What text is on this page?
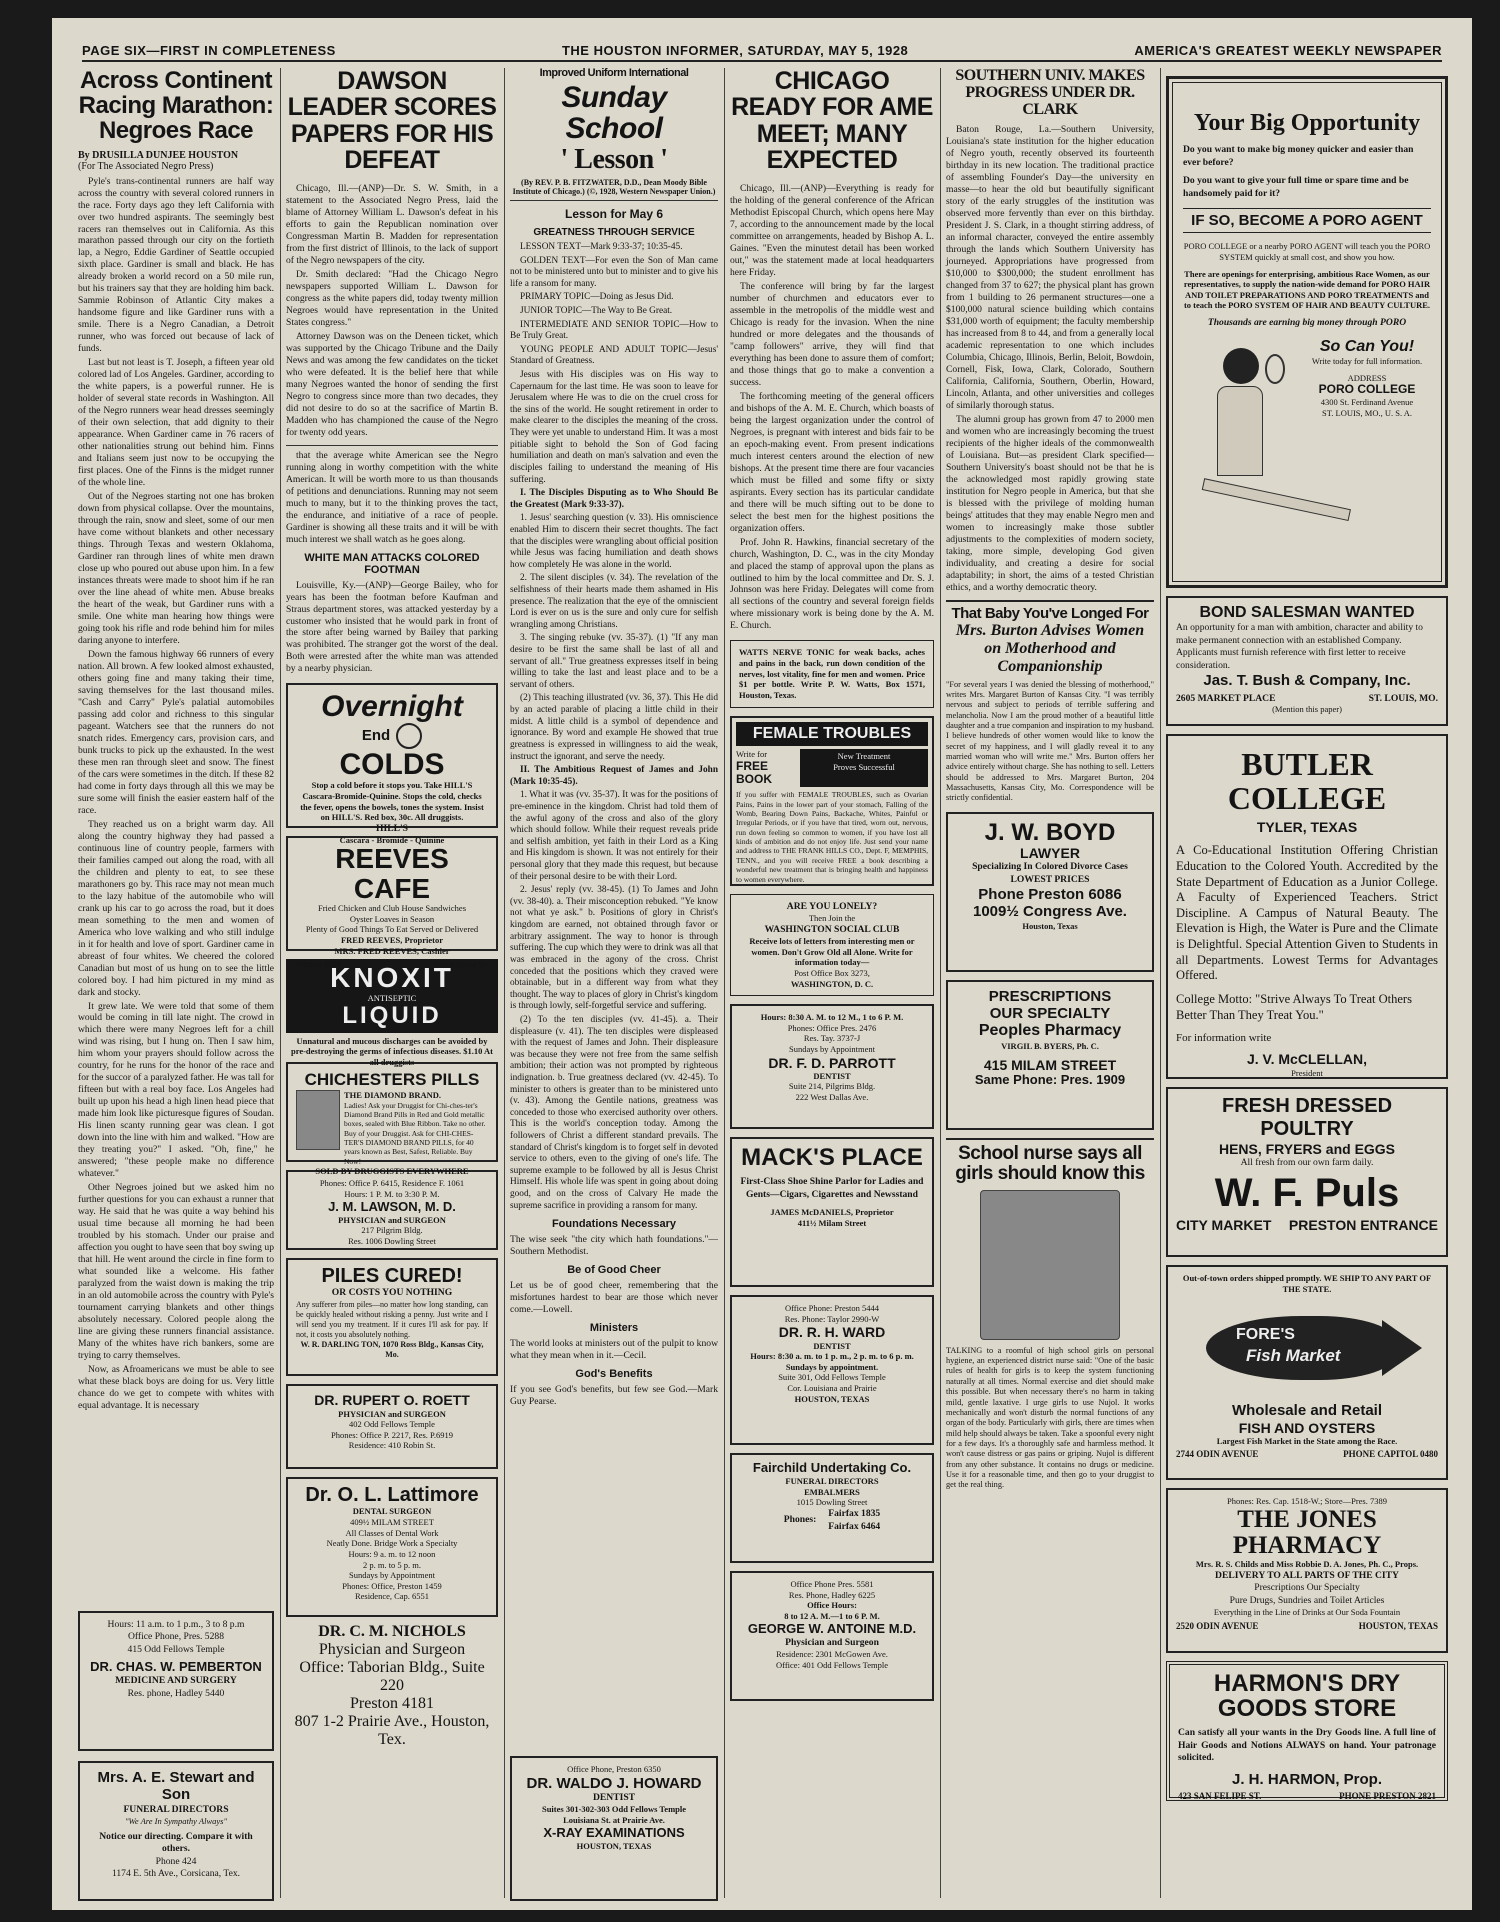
PAGE SIX—FIRST IN COMPLETENESS	THE HOUSTON INFORMER, SATURDAY, MAY 5, 1928	AMERICA'S GREATEST WEEKLY NEWSPAPER
Across Continent Racing Marathon: Negroes Race
By DRUSILLA DUNJEE HOUSTON
(For The Associated Negro Press)

Pyle's trans-continental runners are half way across the country with several colored runners in the race. Forty days ago they left California with over two hundred aspirants. The seemingly best racers ran themselves out in California. As this marathon passed through our city on the fortieth lap, a Negro, Eddie Gardiner of Seattle occupied sixth place. Gardiner is small and black. He has already broken a world record on a 50 mile run, but his trainers say that they are holding him back. Sammie Robinson of Atlantic City makes a handsome figure and like Gardiner runs with a smile. There is a Negro Canadian, a Detroit runner, who was forced out because of lack of funds.

Last but not least is T. Joseph, a fifteen year old colored lad of Los Angeles. Gardiner, according to the white papers, is a powerful runner. He is holder of several state records in Washington. All of the Negro runners wear head dresses seemingly of their own selection, that add dignity to their appearance. When Gardiner came in 76 racers of other nationalities strung out behind him. Finns and Italians seem just now to be occupying the first places. One of the Finns is the midget runner of the whole line.

Out of the Negroes starting not one has broken down from physical collapse. Over the mountains, through the rain, snow and sleet, some of our men have come without blankets and other necessary things. Through Texas and western Oklahoma, Gardiner ran through lines of white men drawn close up who poured out abuse upon him. In a few instances threats were made to shoot him if he ran over the line ahead of white men. Abuse breaks the heart of the weak, but Gardiner runs with a smile. One white man hearing how things were going took his rifle and rode behind him for miles daring anyone to interfere.

Down the famous highway 66 runners of every nation. All brown. A few looked almost exhausted, others going fine and many taking their time, saving themselves for the last thousand miles. "Cash and Carry" Pyle's palatial automobiles passing add color and richness to this singular pageant. Watchers see that the runners do not snatch rides. Emergency cars, provision cars, and bunk trucks to pick up the exhausted. In the west these men ran through sleet and snow. The finest of the cars were sometimes in the ditch. If these 82 had come in forty days through all this we may be sure some will finish the easier eastern half of the race.

They reached us on a bright warm day. All along the country highway they had passed a continuous line of country people, farmers with their families camped out along the road, with all the children and plenty to eat, to see these marathoners go by. This race may not mean much to the lazy habitue of the automobile who will crank up his car to go across the road, but it does mean something to the men and women of America who love walking and who still indulge in it for health and love of sport. Gardiner came in abreast of four whites. We cheered the colored Canadian but most of us hung on to see the little colored boy. I had him pictured in my mind as dark and stocky.

It grew late. We were told that some of them would be coming in till late night. The crowd in which there were many Negroes left for a chill wind was rising, but I hung on. Then I saw him, him whom your prayers should follow across the country, for he runs for the honor of the race and for the succor of a paralyzed father. He was tall for fifteen but with a real boy face. Los Angeles had built up upon his head a high linen head piece that made him look like picturesque figures of Soudan. His linen scanty running gear was clean. I got down into the line with him and walked. "How are they treating you?" I asked. "Oh, fine," he answered; "these people make no difference whatever."

Other Negroes joined but we asked him no further questions for you can exhaust a runner that way. He said that he was quite a way behind his usual time because all morning he had been troubled by his stomach. Under our praise and affection you ought to have seen that boy swing up that hill. He went around the circle in fine form to what sounded like a welcome. His father paralyzed from the waist down is making the trip in an old automobile across the country with Pyle's tournament carrying blankets and other things absolutely necessary. Colored people along the line are giving these runners financial assistance. Many of the whites have rich bankers, some are trying to carry themselves.

Now, as Afroamericans we must be able to see what these black boys are doing for us. Very little chance do we get to compete with whites with equal advantage. It is necessary

Hours: 11 a.m. to 1 p.m., 3 to 8 p.m
Office Phone, Pres. 5288
415 Odd Fellows Temple
DR. CHAS. W. PEMBERTON
MEDICINE AND SURGERY
Res. phone, Hadley 5440
Mrs. A. E. Stewart and Son
FUNERAL DIRECTORS
"We Are In Sympathy Always"
Notice our directing. Compare it with others.
Phone 424
1174 E. 5th Ave., Corsicana, Tex.
DAWSON LEADER SCORES PAPERS FOR HIS DEFEAT

Chicago, Ill.—(ANP)—Dr. S. W. Smith, in a statement to the Associated Negro Press, laid the blame of Attorney William L. Dawson's defeat in his efforts to gain the Republican nomination over Congressman Martin B. Madden for representation from the first district of Illinois, to the lack of support of the Negro newspapers of the city.

Dr. Smith declared: "Had the Chicago Negro newspapers supported William L. Dawson for congress as the white papers did, today twenty million Negroes would have representation in the United States congress."

Attorney Dawson was on the Deneen ticket, which was supported by the Chicago Tribune and the Daily News and was among the few candidates on the ticket who were defeated. It is the belief here that while many Negroes wanted the honor of sending the first Negro to congress since more than two decades, they did not desire to do so at the sacrifice of Martin B. Madden who has championed the cause of the Negro for twenty odd years.

that the average white American see the Negro running along in worthy competition with the white American. It will be worth more to us than thousands of petitions and denunciations. Running may not seem much to many, but it to the thinking proves the tact, the endurance, and initiative of a race of people. Gardiner is showing all these traits and it will be with much interest we shall watch as he goes along.

WHITE MAN ATTACKS COLORED FOOTMAN

Louisville, Ky.—(ANP)—George Bailey, who for years has been the footman before Kaufman and Straus department stores, was attacked yesterday by a customer who insisted that he would park in front of the store after being warned by Bailey that parking was prohibited. The stranger got the worst of the deal. Both were arrested after the white man was attended by a nearby physician.

Overnight
End
COLDS
Stop a cold before it stops you. Take HILL'S Cascara-Bromide-Quinine. Stops the cold, checks the fever, opens the bowels, tones the system. Insist on HILL'S. Red box, 30c. All druggists.
HILL'S
Cascara - Bromide - Quinine
REEVES CAFE
Fried Chicken and Club House Sandwiches
Oyster Loaves in Season
Plenty of Good Things To Eat Served or Delivered
FRED REEVES, Proprietor
MRS. FRED REEVES, Cashier
Preston 9284	924 Andrew St.
KNOXIT
ANTISEPTIC
LIQUID
Unnatural and mucous discharges can be avoided by pre-destroying the germs of infectious diseases. $1.10 At all druggists
CHICHESTERS PILLS
THE DIAMOND BRAND.
Ladies! Ask your Druggist for Chi-ches-ter's Diamond Brand Pills in Red and Gold metallic boxes, sealed with Blue Ribbon. Take no other. Buy of your Druggist. Ask for CHI-CHES-TER'S DIAMOND BRAND PILLS, for 40 years known as Best, Safest, Reliable. Buy Now!
SOLD BY DRUGGISTS EVERYWHERE
Phones: Office P. 6415, Residence F. 1061
Hours: 1 P. M. to 3:30 P. M.
J. M. LAWSON, M. D.
PHYSICIAN and SURGEON
217 Pilgrim Bldg.
Res. 1006 Dowling Street
PILES CURED!
OR COSTS YOU NOTHING
Any sufferer from piles—no matter how long standing, can be quickly healed without risking a penny. Just write and I will send you my treatment. If it cures I'll ask for pay. If not, it costs you absolutely nothing.
W. R. DARLING TON, 1070 Ross Bldg., Kansas City, Mo.
DR. RUPERT O. ROETT
PHYSICIAN and SURGEON
402 Odd Fellows Temple
Phones: Office P. 2217, Res. P.6919
Residence: 410 Robin St.
Dr. O. L. Lattimore
DENTAL SURGEON
409½ MILAM STREET
All Classes of Dental Work
Neatly Done. Bridge Work a Specialty
Hours: 9 a. m. to 12 noon
2 p. m. to 5 p. m.
Sundays by Appointment
Phones: Office, Preston 1459
Residence, Cap. 6551
DR. C. M. NICHOLS
Physician and Surgeon
Office: Taborian Bldg., Suite 220
Preston 4181
807 1-2 Prairie Ave., Houston, Tex.
Improved Uniform International
Sunday School
' Lesson '
(By REV. P. B. FITZWATER, D.D., Dean Moody Bible Institute of Chicago.) (©, 1928, Western Newspaper Union.)
Lesson for May 6
GREATNESS THROUGH SERVICE

LESSON TEXT—Mark 9:33-37; 10:35-45.

GOLDEN TEXT—For even the Son of Man came not to be ministered unto but to minister and to give his life a ransom for many.

PRIMARY TOPIC—Doing as Jesus Did.

JUNIOR TOPIC—The Way to Be Great.

INTERMEDIATE AND SENIOR TOPIC—How to Be Truly Great.

YOUNG PEOPLE AND ADULT TOPIC—Jesus' Standard of Greatness.

Jesus with His disciples was on His way to Capernaum for the last time. He was soon to leave for Jerusalem where He was to die on the cruel cross for the sins of the world. He sought retirement in order to make clearer to the disciples the meaning of the cross. They were yet unable to understand Him. It was a most pitiable sight to behold the Son of God facing humiliation and death on man's salvation and even the disciples failing to understand the meaning of His suffering.

I. The Disciples Disputing as to Who Should Be the Greatest (Mark 9:33-37).

1. Jesus' searching question (v. 33). His omniscience enabled Him to discern their secret thoughts. The fact that the disciples were wrangling about official position while Jesus was facing humiliation and death shows how completely He was alone in the world.

2. The silent disciples (v. 34). The revelation of the selfishness of their hearts made them ashamed in His presence. The realization that the eye of the omniscient Lord is ever on us is the sure and only cure for selfish wrangling among Christians.

3. The singing rebuke (vv. 35-37). (1) "If any man desire to be first the same shall be last of all and servant of all." True greatness expresses itself in being willing to take the last and least place and to be a servant of others.

(2) This teaching illustrated (vv. 36, 37). This He did by an acted parable of placing a little child in their midst. A little child is a symbol of dependence and ignorance. By word and example He showed that true greatness is expressed in willingness to aid the weak, instruct the ignorant, and serve the needy.

II. The Ambitious Request of James and John (Mark 10:35-45).

1. What it was (vv. 35-37). It was for the positions of pre-eminence in the kingdom. Christ had told them of the awful agony of the cross and also of the glory which should follow. While their request reveals pride and selfish ambition, yet faith in their Lord as a King and His kingdom is shown. It was not entirely for their personal glory that they made this request, but because of their personal desire to be with their Lord.

2. Jesus' reply (vv. 38-45). (1) To James and John (vv. 38-40). a. Their misconception rebuked. "Ye know not what ye ask." b. Positions of glory in Christ's kingdom are earned, not obtained through favor or arbitrary assignment. The way to honor is through suffering. The cup which they were to drink was all that was embraced in the agony of the cross. Christ conceded that the positions which they craved were obtainable, but in a different way from what they thought. The way to places of glory in Christ's kingdom is through lowly, self-forgetful service and suffering.

(2) To the ten disciples (vv. 41-45). a. Their displeasure (v. 41). The ten disciples were displeased with the request of James and John. Their displeasure was because they were not free from the same selfish ambition; their action was not prompted by righteous indignation. b. True greatness declared (vv. 42-45). To minister to others is greater than to be ministered unto (v. 43). Among the Gentile nations, greatness was conceded to those who exercised authority over others. This is the world's conception today. Among the followers of Christ a different standard prevails. The standard of Christ's kingdom is to forget self in devoted service to others, even to the giving of one's life. The supreme example to be followed by all is Jesus Christ Himself. His whole life was spent in going about doing good, and on the cross of Calvary He made the supreme sacrifice in providing a ransom for many.

Foundations Necessary
The wise seek "the city which hath foundations."—Southern Methodist.
Be of Good Cheer
Let us be of good cheer, remembering that the misfortunes hardest to bear are those which never come.—Lowell.
Ministers
The world looks at ministers out of the pulpit to know what they mean when in it.—Cecil.
God's Benefits
If you see God's benefits, but few see God.—Mark Guy Pearse.
Office Phone, Preston 6350
DR. WALDO J. HOWARD
DENTIST
Suites 301-302-303 Odd Fellows Temple
Louisiana St. at Prairie Ave.
X-RAY EXAMINATIONS
HOUSTON, TEXAS
CHICAGO READY FOR AME MEET; MANY EXPECTED

Chicago, Ill.—(ANP)—Everything is ready for the holding of the general conference of the African Methodist Episcopal Church, which opens here May 7, according to the announcement made by the local committee on arrangements, headed by Bishop A. L. Gaines. "Even the minutest detail has been worked out," was the statement made at local headquarters here Friday.

The conference will bring by far the largest number of churchmen and educators ever to assemble in the metropolis of the middle west and Chicago is ready for the invasion. When the nine hundred or more delegates and the thousands of "camp followers" arrive, they will find that everything has been done to assure them of comfort; and those things that go to make a convention a success.

The forthcoming meeting of the general officers and bishops of the A. M. E. Church, which boasts of being the largest organization under the control of Negroes, is pregnant with interest and bids fair to be an epoch-making event. From present indications much interest centers around the election of new bishops. At the present time there are four vacancies which must be filled and some fifty or sixty aspirants. Every section has its particular candidate and there will be much sifting out to be done to select the best men for the highest positions the organization offers.

Prof. John R. Hawkins, financial secretary of the church, Washington, D. C., was in the city Monday and placed the stamp of approval upon the plans as outlined to him by the local committee and Dr. S. J. Johnson was here Friday. Delegates will come from all sections of the country and several foreign fields where missionary work is being done by the A. M. E. Church.

WATTS NERVE TONIC for weak backs, aches and pains in the back, run down condition of the nerves, lost vitality, fine for men and women. Price $1 per bottle. Write P. W. Watts, Box 1571, Houston, Texas.
FEMALE TROUBLES
Write for
FREE BOOK
New Treatment
Proves Successful
If you suffer with FEMALE TROUBLES, such as Ovarian Pains, Pains in the lower part of your stomach, Falling of the Womb, Bearing Down Pains, Backache, Whites, Painful or Irregular Periods, or if you have that tired, worn out, nervous, run down feeling so common to women, if you have lost all kinds of ambition and do not enjoy life. Just send your name and address to THE FRANK HILLS CO., Dept. F, MEMPHIS, TENN., and you will receive FREE a book describing a wonderful new treatment that is bringing health and happiness to women everywhere.
ARE YOU LONELY?
Then Join the
WASHINGTON SOCIAL CLUB
Receive lots of letters from interesting men or women. Don't Grow Old all Alone. Write for information today—
Post Office Box 3273,
WASHINGTON, D. C.
Hours: 8:30 A. M. to 12 M., 1 to 6 P. M.
Phones: Office Pres. 2476
Res. Tay. 3737-J
Sundays by Appointment
DR. F. D. PARROTT
DENTIST
Suite 214, Pilgrims Bldg.
222 West Dallas Ave.
MACK'S PLACE
First-Class Shoe Shine Parlor for Ladies and Gents—Cigars, Cigarettes and Newsstand
JAMES McDANIELS, Proprietor
411½ Milam Street
Office Phone: Preston 5444
Res. Phone: Taylor 2990-W
DR. R. H. WARD
DENTIST
Hours: 8:30 a. m. to 1 p. m., 2 p. m. to 6 p. m. Sundays by appointment.
Suite 301, Odd Fellows Temple
Cor. Louisiana and Prairie
HOUSTON, TEXAS
Fairchild Undertaking Co.
FUNERAL DIRECTORS
EMBALMERS
1015 Dowling Street
Phones:
Fairfax 1835
Fairfax 6464
Office Phone Pres. 5581
Res. Phone, Hadley 6225
Office Hours:
8 to 12 A. M.—1 to 6 P. M.
GEORGE W. ANTOINE M.D.
Physician and Surgeon
Residence: 2301 McGowen Ave.
Office: 401 Odd Fellows Temple
SOUTHERN UNIV. MAKES PROGRESS UNDER DR. CLARK

Baton Rouge, La.—Southern University, Louisiana's state institution for the higher education of Negro youth, recently observed its fourteenth birthday in its new location. The traditional practice of assembling Founder's Day—the university en masse—to hear the old but beautifully significant story of the early struggles of the institution was observed more fervently than ever on this birthday. President J. S. Clark, in a thought stirring address, of an informal character, conveyed the entire assembly through the lands which Southern University has journeyed. Appropriations have progressed from $10,000 to $300,000; the student enrollment has changed from 37 to 627; the physical plant has grown from 1 building to 26 permanent structures—one a $100,000 natural science building which contains $31,000 worth of equipment; the faculty membership has increased from 8 to 44, and from a generally local academic representation to one which includes Columbia, Chicago, Illinois, Berlin, Beloit, Bowdoin, Cornell, Fisk, Iowa, Clark, Colorado, Southern California, California, Southern, Oberlin, Howard, Lincoln, Atlanta, and other universities and colleges of similarly thorough status.

The alumni group has grown from 47 to 2000 men and women who are increasingly becoming the truest recipients of the higher ideals of the commonwealth of Louisiana. But—as president Clark specified—Southern University's boast should not be that he is the acknowledged most rapidly growing state institution for Negro people in America, but that she is blessed with the privilege of molding human beings' attitudes that they may enable Negro men and women to increasingly make those subtler adjustments to the complexities of modern society, taking, more simple, developing God given individuality, and creating a desire for social adaptability; in short, the aims of a tested Christian ethics, and a worthy democratic theory.

That Baby You've Longed For
Mrs. Burton Advises Women on Motherhood and Companionship
"For several years I was denied the blessing of motherhood," writes Mrs. Margaret Burton of Kansas City. "I was terribly nervous and subject to periods of terrible suffering and melancholia. Now I am the proud mother of a beautiful little daughter and a true companion and inspiration to my husband. I believe hundreds of other women would like to know the secret of my happiness, and I will gladly reveal it to any married woman who will write me." Mrs. Burton offers her advice entirely without charge. She has nothing to sell. Letters should be addressed to Mrs. Margaret Burton, 204 Massachusetts, Kansas City, Mo. Correspondence will be strictly confidential.
J. W. BOYD
LAWYER
Specializing In Colored Divorce Cases
LOWEST PRICES
Phone Preston 6086
1009½ Congress Ave.
Houston, Texas
PRESCRIPTIONS
OUR SPECIALTY
Peoples Pharmacy
VIRGIL B. BYERS, Ph. C.
415 MILAM STREET
Same Phone: Pres. 1909
School nurse says all girls should know this
TALKING to a roomful of high school girls on personal hygiene, an experienced district nurse said: "One of the basic rules of health for girls is to keep the system functioning naturally at all times. Normal exercise and diet should make this possible. But when necessary there's no harm in taking mild, gentle laxative. I urge girls to use Nujol. It works mechanically and won't disturb the normal functions of any organ of the body. Particularly with girls, there are times when mild help should always be taken. Take a spoonful every night for a few days. It's a thoroughly safe and harmless method. It won't cause distress or gas pains or griping. Nujol is different from any other substance. It contains no drugs or medicine. Use it for a reasonable time, and then go to your druggist to get the real thing.
Your Big Opportunity
Do you want to make big money quicker and easier than ever before?
Do you want to give your full time or spare time and be handsomely paid for it?
IF SO, BECOME A PORO AGENT
PORO COLLEGE or a nearby PORO AGENT will teach you the PORO SYSTEM quickly at small cost, and show you how.
There are openings for enterprising, ambitious Race Women, as our representatives, to supply the nation-wide demand for PORO HAIR AND TOILET PREPARATIONS AND PORO TREATMENTS and to teach the PORO SYSTEM OF HAIR AND BEAUTY CULTURE.
Thousands are earning big money through PORO
So Can You!
Write today for full information.
ADDRESS
PORO COLLEGE
4300 St. Ferdinand Avenue
ST. LOUIS, MO., U. S. A.
BOND SALESMAN WANTED
An opportunity for a man with ambition, character and ability to make permanent connection with an established Company.
Applicants must furnish reference with first letter to receive consideration.
Jas. T. Bush & Company, Inc.
2605 MARKET PLACE	ST. LOUIS, MO.
(Mention this paper)
BUTLER COLLEGE
TYLER, TEXAS
A Co-Educational Institution Offering Christian Education to the Colored Youth. Accredited by the State Department of Education as a Junior College. A Faculty of Experienced Teachers. Strict Discipline. A Campus of Natural Beauty. The Elevation is High, the Water is Pure and the Climate is Delightful. Special Attention Given to Students in all Departments. Lowest Terms for Advantages Offered.
College Motto: "Strive Always To Treat Others Better Than They Treat You."
For information write
J. V. McCLELLAN,
President
FRESH DRESSED POULTRY
HENS, FRYERS and EGGS
All fresh from our own farm daily.
W. F. Puls
CITY MARKET PRESTON ENTRANCE
Out-of-town orders shipped promptly. WE SHIP TO ANY PART OF THE STATE.
FORE'S
Fish Market
Wholesale and Retail
FISH AND OYSTERS
Largest Fish Market in the State among the Race.
2744 ODIN AVENUE	PHONE CAPITOL 0480
Phones: Res. Cap. 1518-W.; Store—Pres. 7389
THE JONES PHARMACY
Mrs. R. S. Childs and Miss Robbie D. A. Jones, Ph. C., Props.
DELIVERY TO ALL PARTS OF THE CITY
Prescriptions Our Specialty
Pure Drugs, Sundries and Toilet Articles
Everything in the Line of Drinks at Our Soda Fountain
2520 ODIN AVENUE	HOUSTON, TEXAS
HARMON'S DRY GOODS STORE
Can satisfy all your wants in the Dry Goods line. A full line of Hair Goods and Notions ALWAYS on hand. Your patronage solicited.
J. H. HARMON, Prop.
423 SAN FELIPE ST.	PHONE PRESTON 2821
